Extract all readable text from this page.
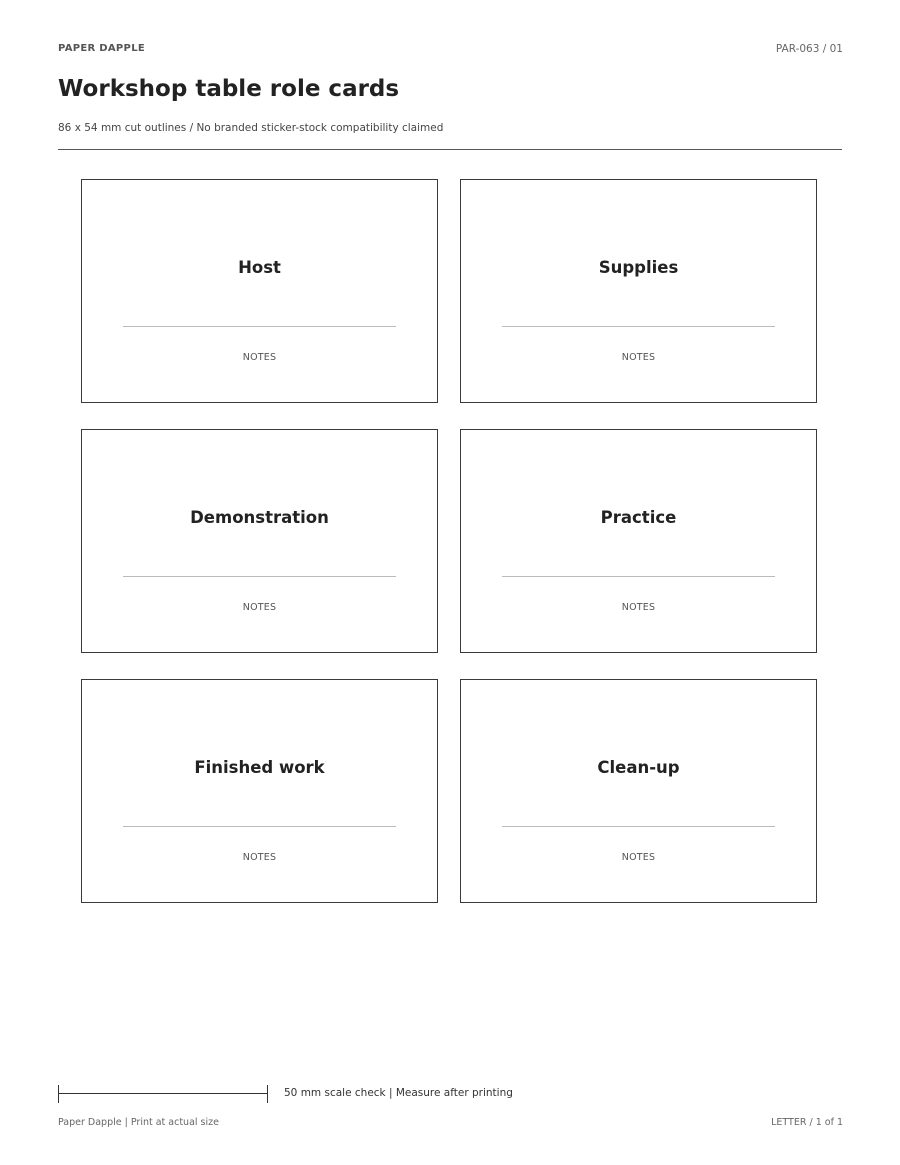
PAPER DAPPLE	PAR-063 / 01
Workshop table role cards
86 x 54 mm cut outlines / No branded sticker-stock compatibility claimed
Host
NOTES
Supplies
NOTES
Demonstration
NOTES
Practice
NOTES
Finished work
NOTES
Clean-up
NOTES
50 mm scale check | Measure after printing
Paper Dapple | Print at actual size	LETTER / 1 of 1
